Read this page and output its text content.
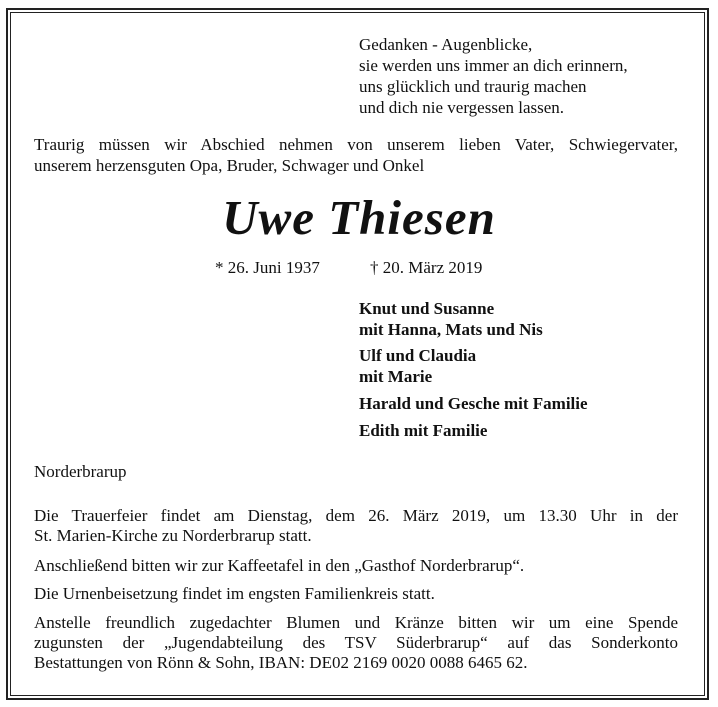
Gedanken - Augenblicke,
sie werden uns immer an dich erinnern,
uns glücklich und traurig machen
und dich nie vergessen lassen.
Traurig müssen wir Abschied nehmen von unserem lieben Vater, Schwiegervater,
unserem herzensguten Opa, Bruder, Schwager und Onkel
Uwe Thiesen
* 26. Juni 1937	† 20. März 2019
Knut und Susanne
mit Hanna, Mats und Nis
Ulf und Claudia
mit Marie
Harald und Gesche mit Familie
Edith mit Familie
Norderbrarup
Die Trauerfeier findet am Dienstag, dem 26. März 2019, um 13.30 Uhr in der
St. Marien-Kirche zu Norderbrarup statt.
Anschließend bitten wir zur Kaffeetafel in den „Gasthof Norderbrarup“.
Die Urnenbeisetzung findet im engsten Familienkreis statt.
Anstelle freundlich zugedachter Blumen und Kränze bitten wir um eine Spende
zugunsten der „Jugendabteilung des TSV Süderbrarup“ auf das Sonderkonto
Bestattungen von Rönn & Sohn, IBAN: DE02 2169 0020 0088 6465 62.
